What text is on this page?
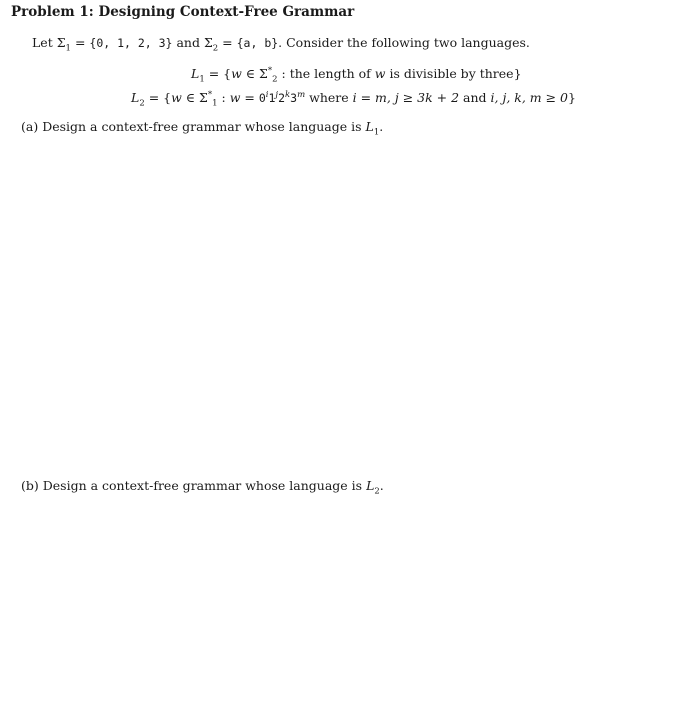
Problem 1: Designing Context-Free Grammar
Let $\Sigma_1 = \{0$, 1, 2, 3} and $\Sigma_2 = \{a$, b}. Consider the following two languages.
$L_1 = \{w$ ∈ $\Sigma^*_2$ : the length of w is divisible by three}
$L_2 = \{w$ ∈ $\Sigma^*_1$ : $w = 0^i1^j2^k3^m$ where i = m, j ≥ 3k + 2 and i, j, k, m ≥ 0}
(a) Design a context-free grammar whose language is $L_1$.
(b) Design a context-free grammar whose language is $L_2$.
